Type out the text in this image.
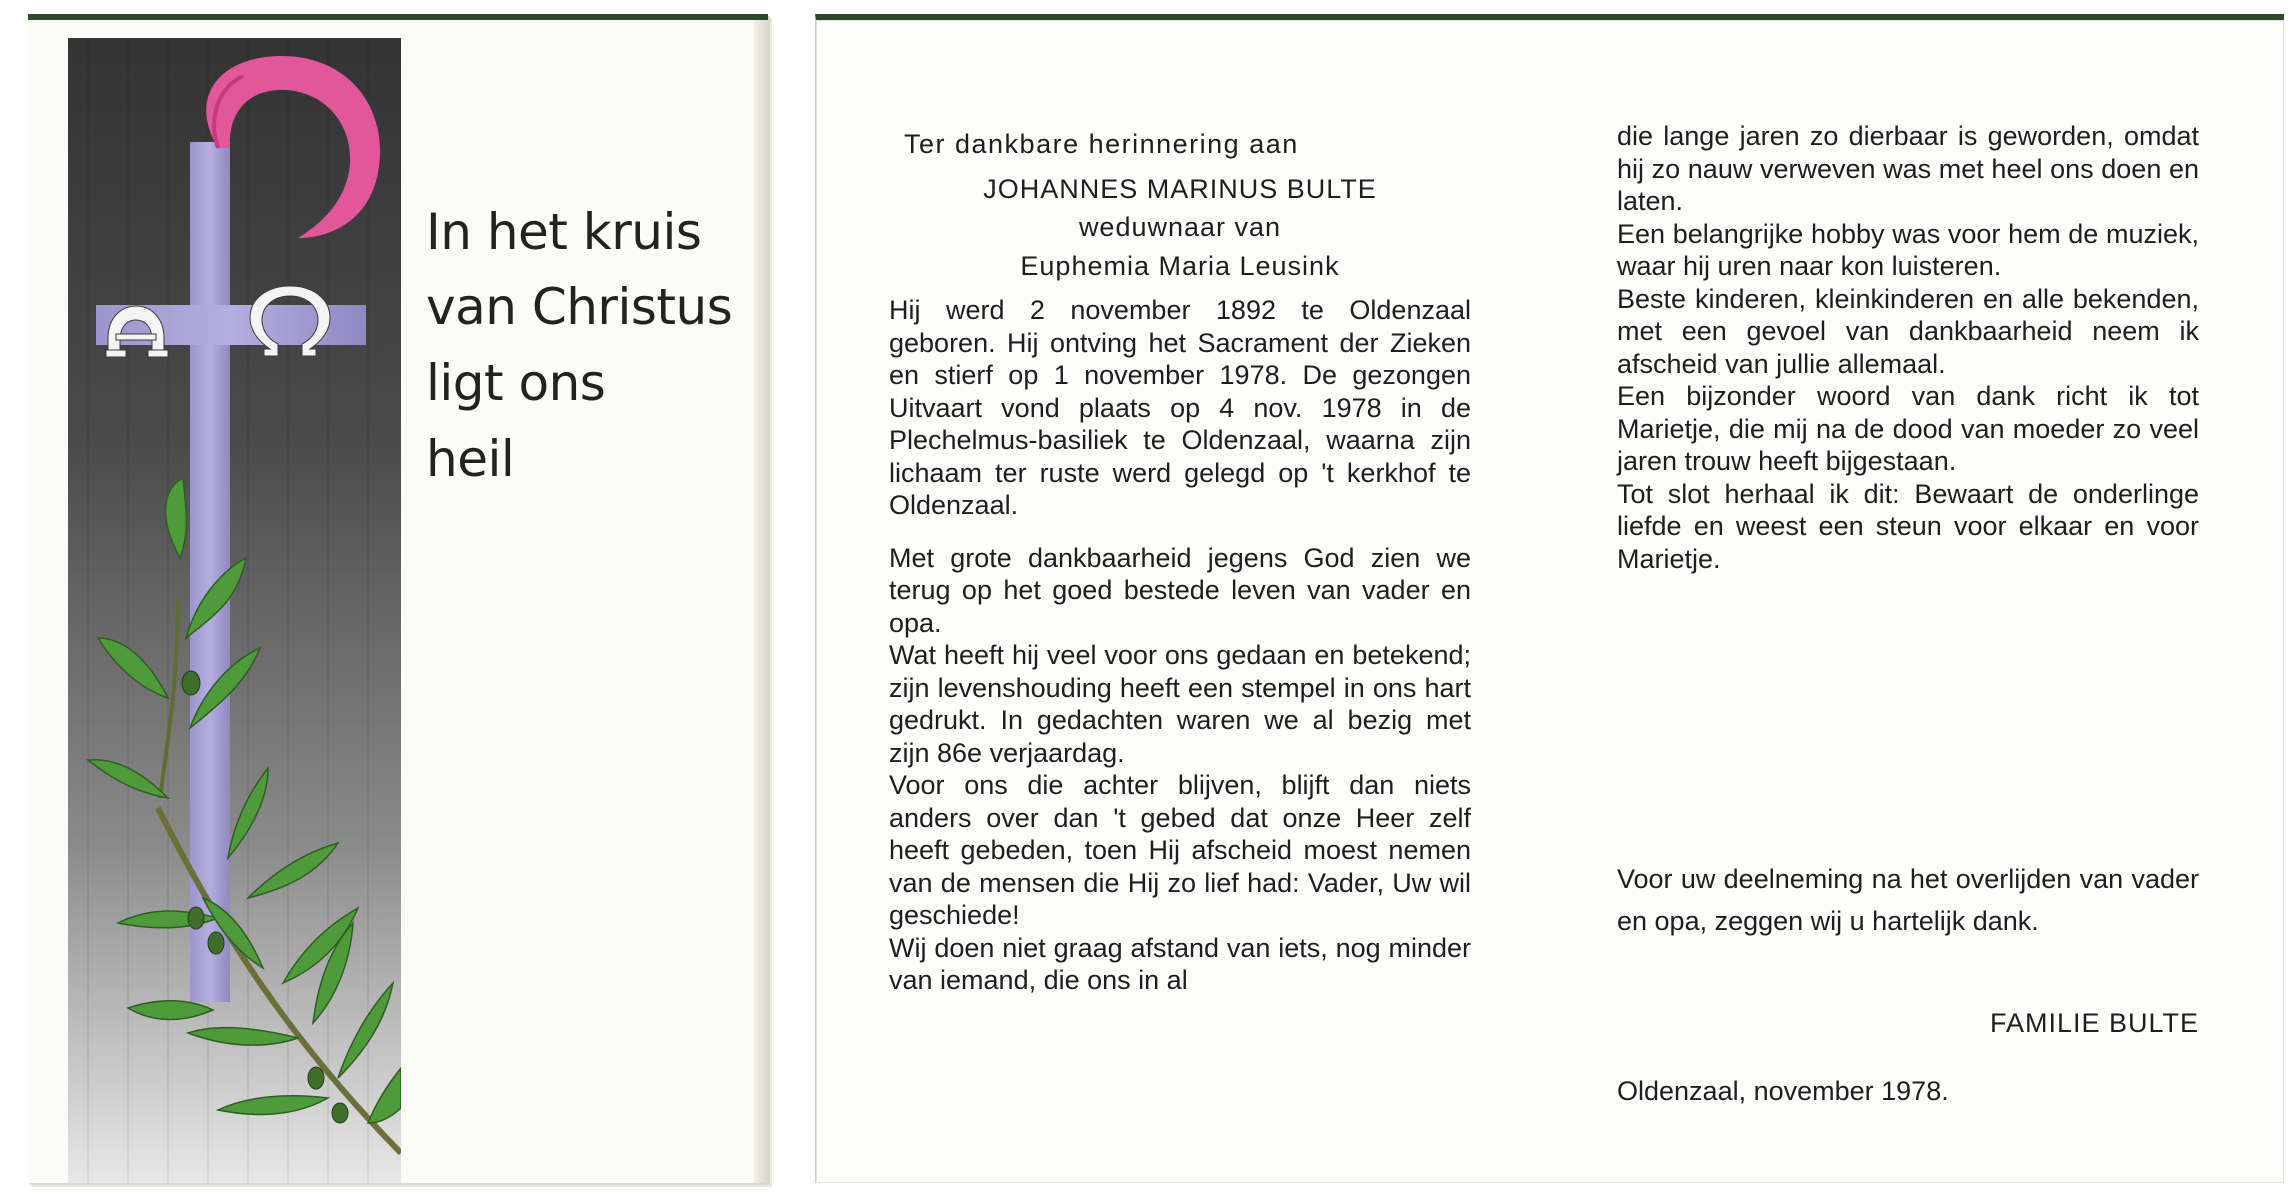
In het kruis
van Christus
ligt ons
heil
Ter dankbare herinnering aan
JOHANNES MARINUS BULTE
weduwnaar van
Euphemia Maria Leusink
Hij werd 2 november 1892 te Oldenzaal geboren. Hij ontving het Sacrament der Zieken en stierf op 1 november 1978. De gezongen Uitvaart vond plaats op 4 nov. 1978 in de Plechelmus-basiliek te Oldenzaal, waarna zijn lichaam ter ruste werd gelegd op 't kerkhof te Oldenzaal.
Met grote dankbaarheid jegens God zien we terug op het goed bestede leven van vader en opa.
Wat heeft hij veel voor ons gedaan en betekend; zijn levenshouding heeft een stempel in ons hart gedrukt. In gedachten waren we al bezig met zijn 86e verjaardag.
Voor ons die achter blijven, blijft dan niets anders over dan 't gebed dat onze Heer zelf heeft gebeden, toen Hij afscheid moest nemen van de mensen die Hij zo lief had: Vader, Uw wil geschiede!
Wij doen niet graag afstand van iets, nog minder van iemand, die ons in al
die lange jaren zo dierbaar is geworden, omdat hij zo nauw verweven was met heel ons doen en laten.
Een belangrijke hobby was voor hem de muziek, waar hij uren naar kon luisteren.
Beste kinderen, kleinkinderen en alle bekenden, met een gevoel van dankbaarheid neem ik afscheid van jullie allemaal.
Een bijzonder woord van dank richt ik tot Marietje, die mij na de dood van moeder zo veel jaren trouw heeft bijgestaan.
Tot slot herhaal ik dit: Bewaart de onderlinge liefde en weest een steun voor elkaar en voor Marietje.
Voor uw deelneming na het overlijden van vader en opa, zeggen wij u hartelijk dank.
FAMILIE BULTE
Oldenzaal, november 1978.
